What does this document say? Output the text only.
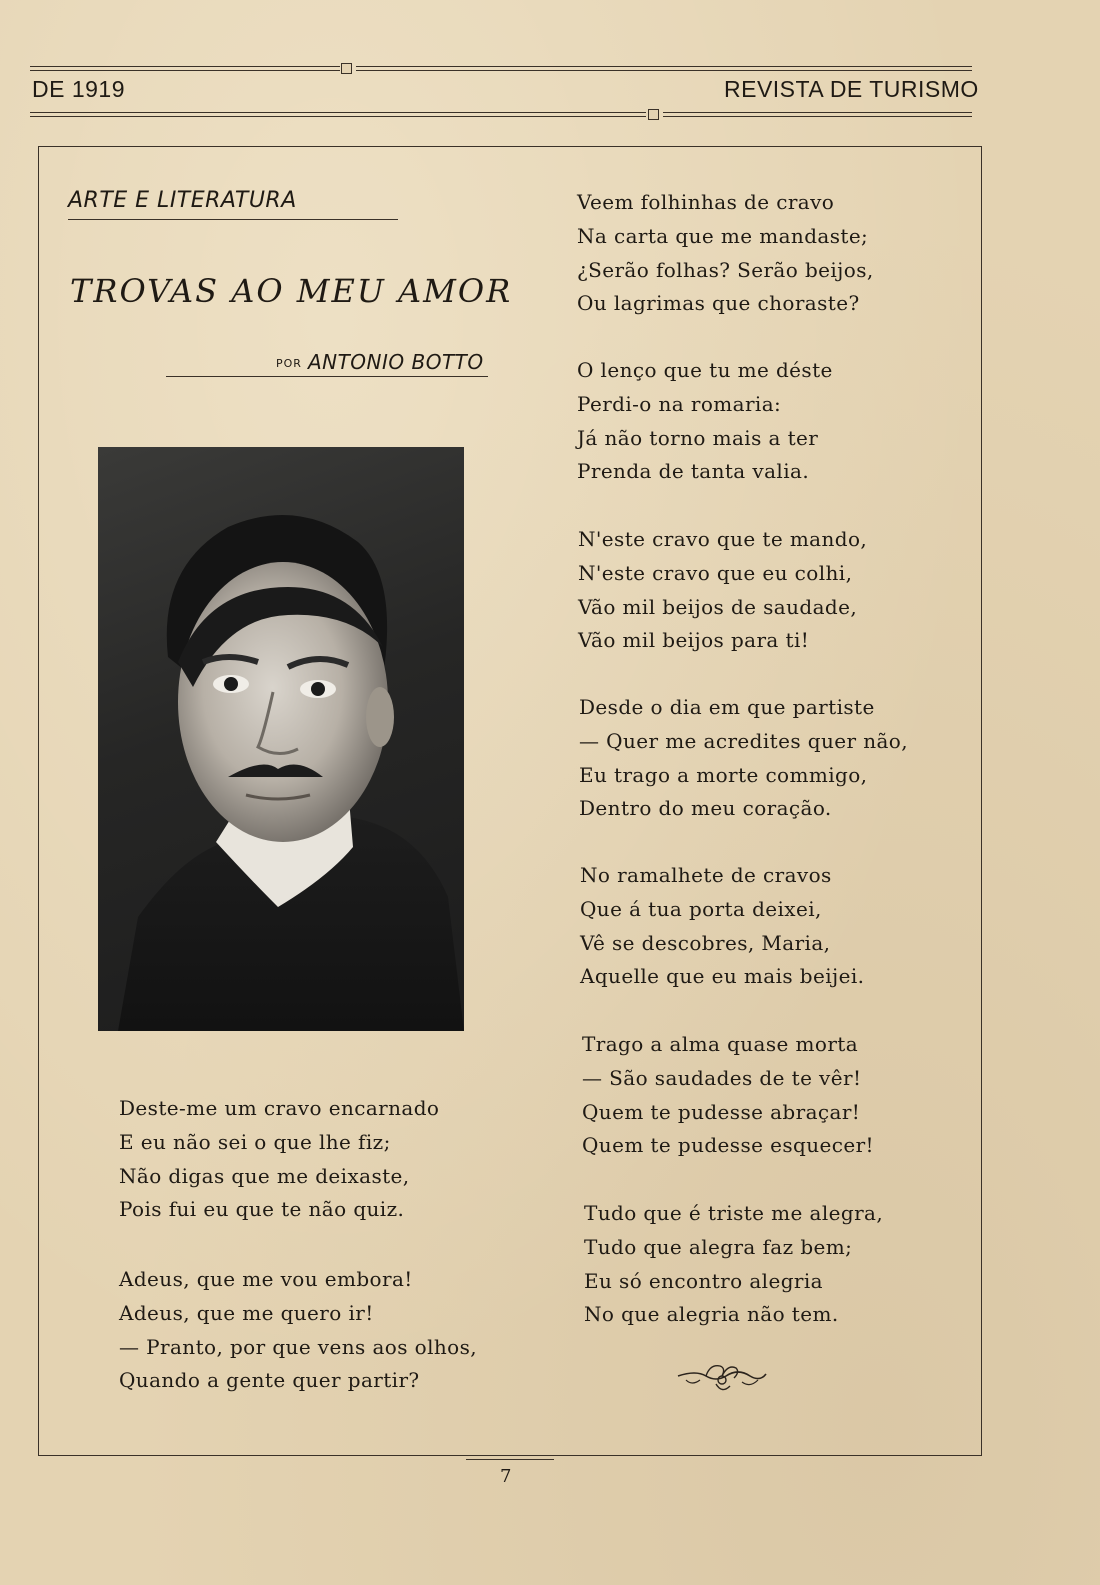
DE 1919	REVISTA DE TURISMO
ARTE E LITERATURA
TROVAS AO MEU AMOR
POR ANTONIO BOTTO
Deste-me um cravo encarnado
E eu não sei o que lhe fiz;
Não digas que me deixaste,
Pois fui eu que te não quiz.
Adeus, que me vou embora!
Adeus, que me quero ir!
— Pranto, por que vens aos olhos,
Quando a gente quer partir?
Veem folhinhas de cravo
Na carta que me mandaste;
¿Serão folhas? Serão beijos,
Ou lagrimas que choraste?
O lenço que tu me déste
Perdi-o na romaria:
Já não torno mais a ter
Prenda de tanta valia.
N'este cravo que te mando,
N'este cravo que eu colhi,
Vão mil beijos de saudade,
Vão mil beijos para ti!
Desde o dia em que partiste
— Quer me acredites quer não,
Eu trago a morte commigo,
Dentro do meu coração.
No ramalhete de cravos
Que á tua porta deixei,
Vê se descobres, Maria,
Aquelle que eu mais beijei.
Trago a alma quase morta
— São saudades de te vêr!
Quem te pudesse abraçar!
Quem te pudesse esquecer!
Tudo que é triste me alegra,
Tudo que alegra faz bem;
Eu só encontro alegria
No que alegria não tem.
7
